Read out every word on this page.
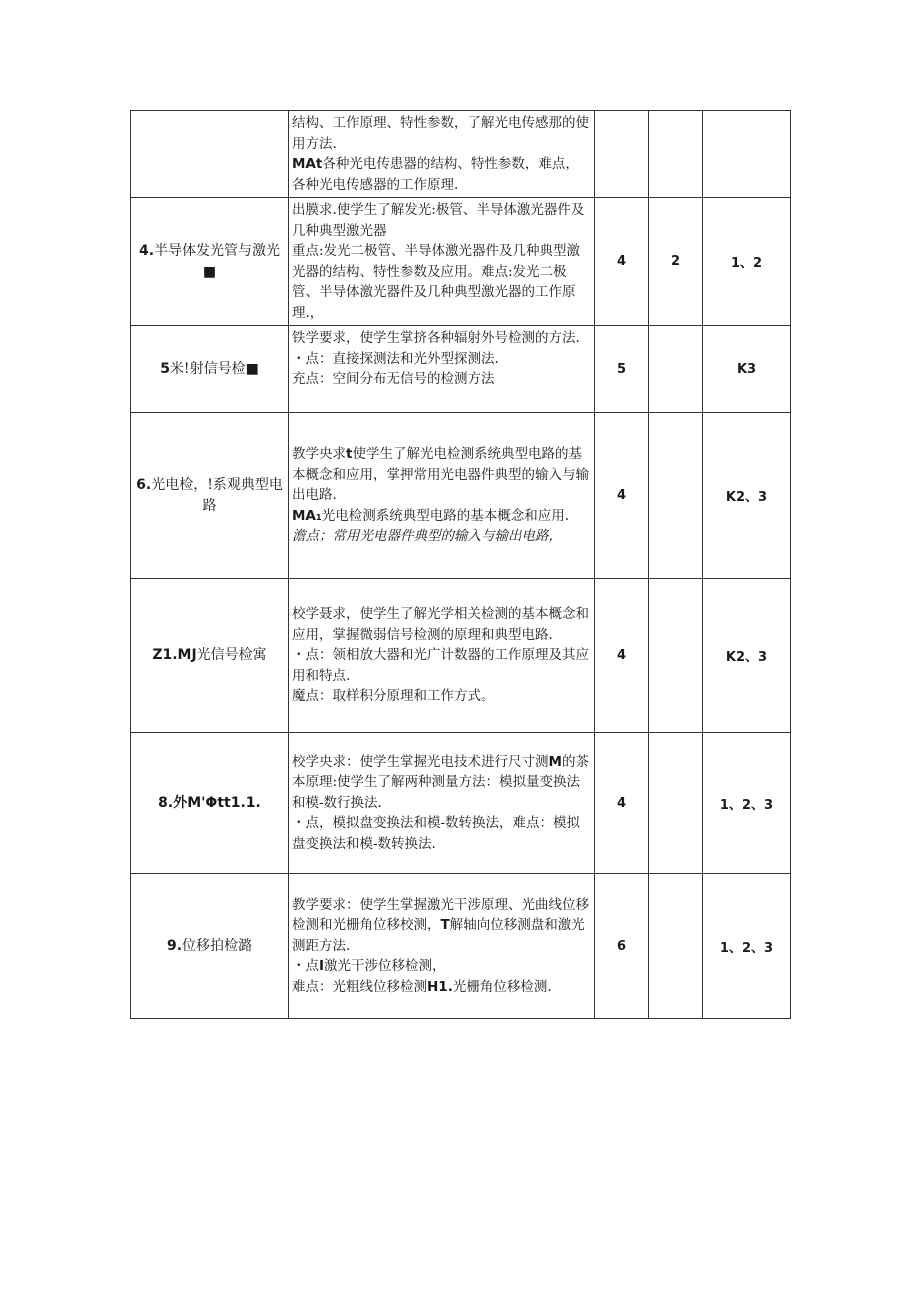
	结构、工作原理、特性参数，了解光电传感那的使用方法.

MAt各种光电传患器的结构、特性参数，难点，各种光电传感器的工作原理.			

4.半导体发光管与激光■	出膜求.使学生了解发光:极管、半导体激光器件及几种典型激光器

重点:发光二极管、半导体激光器件及几种典型激光器的结构、特性参数及应用。难点:发光二极管、半导体激光器件及几种典型激光器的工作原理.，	4	2	1、2
5米!射信号检■	铁学要求，使学生掌挤各种辐射外号检测的方法.

・点：直接探测法和光外型探测法.

充点：空间分布无信号的检测方法	5		K3
6.光电检，!系观典型电路	教学央求t使学生了解光电检测系统典型电路的基本概念和应用，掌押常用光电器件典型的输入与输出电路.

MA₁光电检测系统典型电路的基本概念和应用.

澹点；常用光电器件典型的输入与输出电路，	4		K2、3
Z1.MJ光信号检寓	校学聂求，使学生了解光学相关检测的基本概念和应用，掌握微弱信号检测的原理和典型电路.

・点：领相放大器和光广计数器的工作原理及其应用和特点.

魔点：取样积分原理和工作方式。	4		K2、3
8.外M'Φtt1.1.	校学央求：使学生掌握光电技术进行尺寸测M的茶本原理:使学生了解两种测量方法：模拟量变换法和模-数行换法.

・点，模拟盘变换法和模-数转换法，难点：模拟盘变换法和模-数转换法.	4		1、2、3
9.位移拍检潞	教学要求：使学生掌握激光干涉原理、光曲线位移检测和光栅角位移校测，T解轴向位移测盘和激光测距方法.

・点I激光干涉位移检测，

难点：光粗线位移检测H1.光栅角位移检测.	6		1、2、3
